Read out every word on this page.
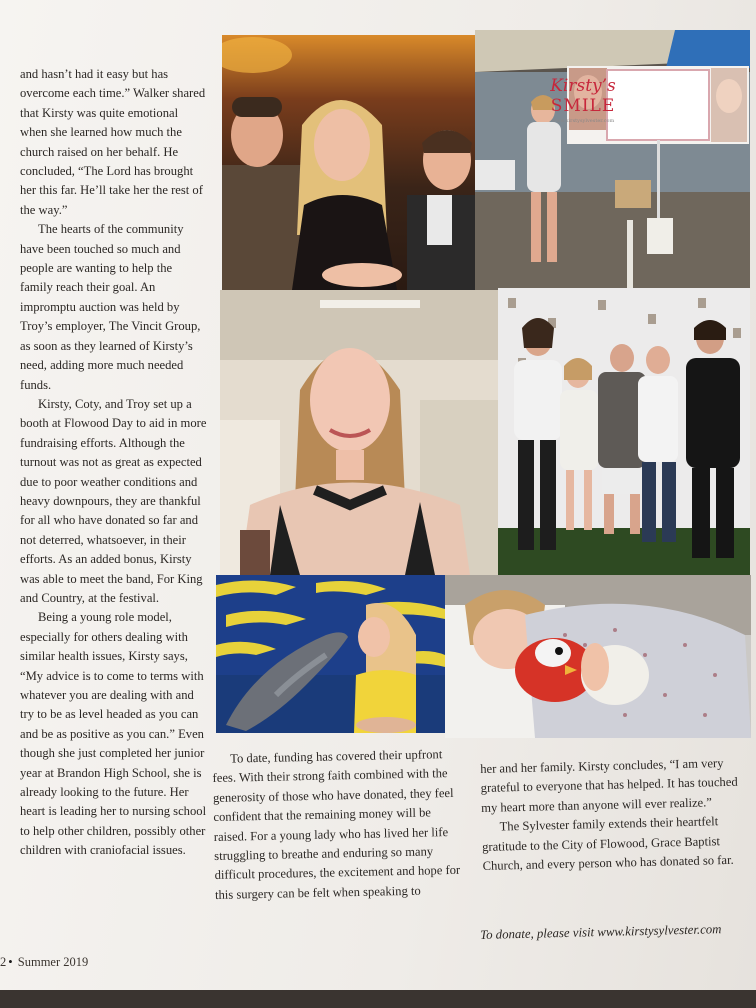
and hasn’t had it easy but has overcome each time.” Walker shared that Kirsty was quite emotional when she learned how much the church raised on her behalf. He concluded, “The Lord has brought her this far. He’ll take her the rest of the way.”

The hearts of the community have been touched so much and people are wanting to help the family reach their goal. An impromptu auction was held by Troy’s employer, The Vincit Group, as soon as they learned of Kirsty’s need, adding more much needed funds.

Kirsty, Coty, and Troy set up a booth at Flowood Day to aid in more fundraising efforts. Although the turnout was not as great as expected due to poor weather conditions and heavy downpours, they are thankful for all who have donated so far and not deterred, whatsoever, in their efforts. As an added bonus, Kirsty was able to meet the band, For King and Country, at the festival.

Being a young role model, especially for others dealing with similar health issues, Kirsty says, “My advice is to come to terms with whatever you are dealing with and try to be as level headed as you can and be as positive as you can.” Even though she just completed her junior year at Brandon High School, she is already looking to the future. Her heart is leading her to nursing school to help other children, possibly other children with craniofacial issues.

Kirsty’s
SMILE
www.kirstysylvester.com

To date, funding has covered their upfront fees. With their strong faith combined with the generosity of those who have donated, they feel confident that the remaining money will be raised. For a young lady who has lived her life struggling to breathe and enduring so many difficult procedures, the excitement and hope for this surgery can be felt when speaking to

her and her family. Kirsty concludes, “I am very grateful to everyone that has helped. It has touched my heart more than anyone will ever realize.”

The Sylvester family extends their heartfelt gratitude to the City of Flowood, Grace Baptist Church, and every person who has donated so far.

To donate, please visit www.kirstysylvester.com
2 • Summer 2019
